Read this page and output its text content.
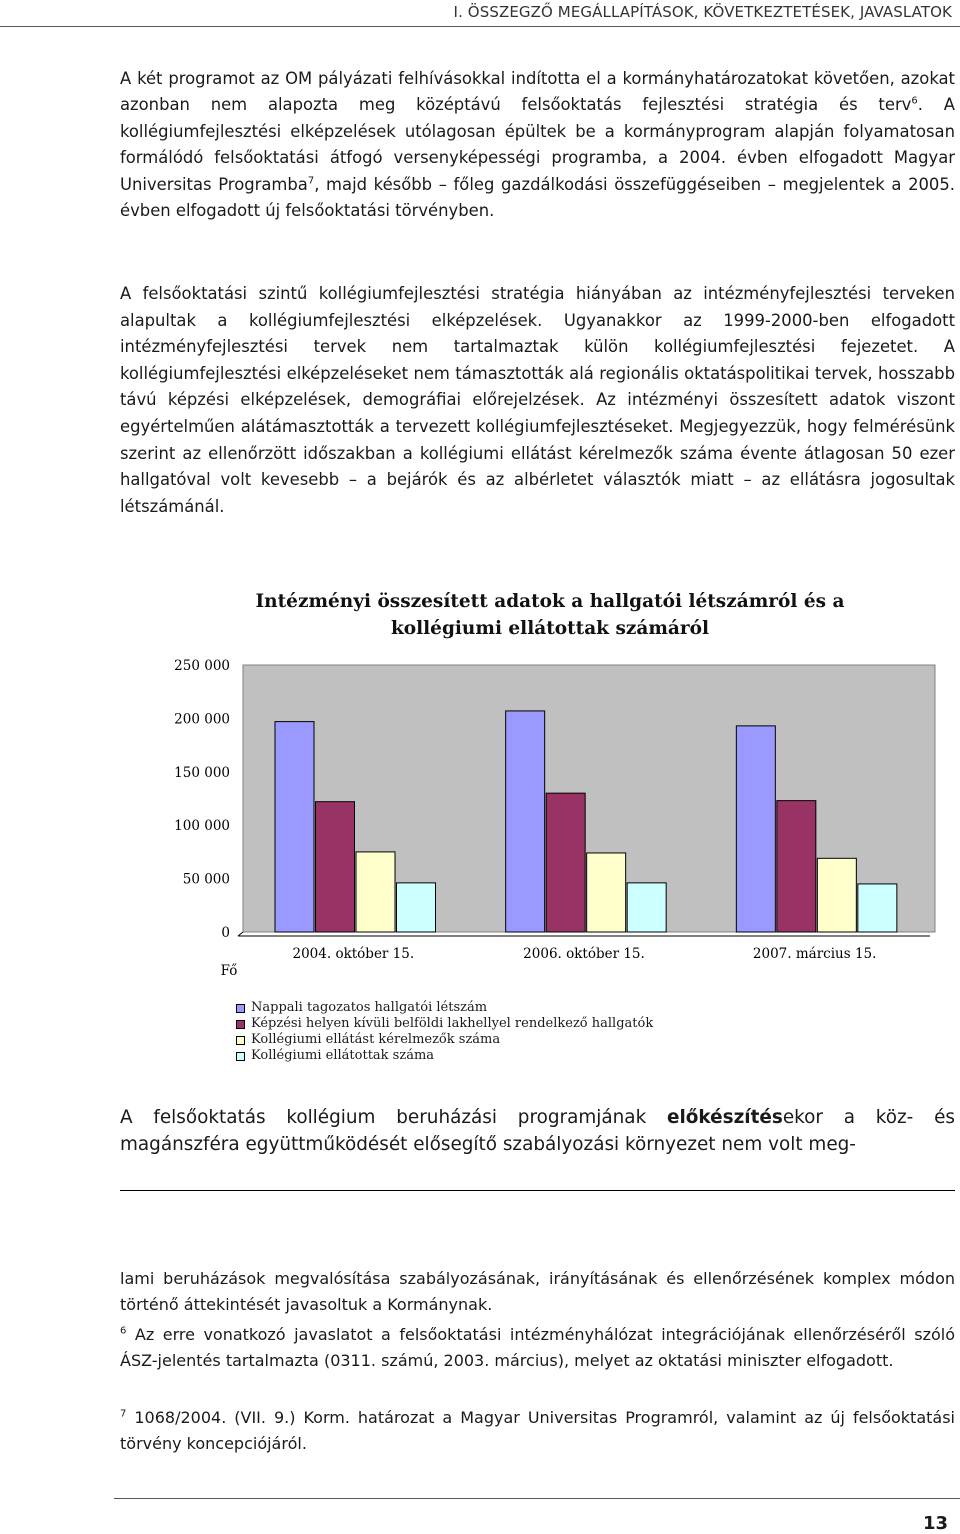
I. ÖSSZEGZŐ MEGÁLLAPÍTÁSOK, KÖVETKEZTETÉSEK, JAVASLATOK
A két programot az OM pályázati felhívásokkal indította el a kormányhatározatokat követően, azokat azonban nem alapozta meg középtávú felsőoktatás fejlesztési stratégia és terv$^6$. A kollégiumfejlesztési elképzelések utólagosan épültek be a kormányprogram alapján folyamatosan formálódó felsőoktatási átfogó versenyképességi programba, a 2004. évben elfogadott Magyar Universitas Programba$^7$, majd később – főleg gazdálkodási összefüggéseiben – megjelentek a 2005. évben elfogadott új felsőoktatási törvényben.
A felsőoktatási szintű kollégiumfejlesztési stratégia hiányában az intézményfejlesztési terveken alapultak a kollégiumfejlesztési elképzelések. Ugyanakkor az 1999-2000-ben elfogadott intézményfejlesztési tervek nem tartalmaztak külön kollégiumfejlesztési fejezetet. A kollégiumfejlesztési elképzeléseket nem támasztották alá regionális oktatáspolitikai tervek, hosszabb távú képzési elképzelések, demográfiai előrejelzések. Az intézményi összesített adatok viszont egyértelműen alátámasztották a tervezett kollégiumfejlesztéseket. Megjegyezzük, hogy felmérésünk szerint az ellenőrzött időszakban a kollégiumi ellátást kérelmezők száma évente átlagosan 50 ezer hallgatóval volt kevesebb – a bejárók és az albérletet választók miatt – az ellátásra jogosultak létszámánál.
Intézményi összesített adatok a hallgatói létszámról és a kollégiumi ellátottak számáról
250 000
200 000
150 000
100 000
50 000
0
Fő
2004. október 15.	2006. október 15.	2007. március 15.
Nappali tagozatos hallgatói létszám
Képzési helyen kívüli belföldi lakhellyel rendelkező hallgatók
Kollégiumi ellátást kérelmezők száma
Kollégiumi ellátottak száma
A felsőoktatás kollégium beruházási programjának előkészítésekor a köz- és magánszféra együttműködését elősegítő szabályozási környezet nem volt meg-
lami beruházások megvalósítása szabályozásának, irányításának és ellenőrzésének komplex módon történő áttekintését javasoltuk a Kormánynak.
$^6$ Az erre vonatkozó javaslatot a felsőoktatási intézményhálózat integrációjának ellenőrzéséről szóló ÁSZ-jelentés tartalmazta (0311. számú, 2003. március), melyet az oktatási miniszter elfogadott.
$^7$ 1068/2004. (VII. 9.) Korm. határozat a Magyar Universitas Programról, valamint az új felsőoktatási törvény koncepciójáról.
13
